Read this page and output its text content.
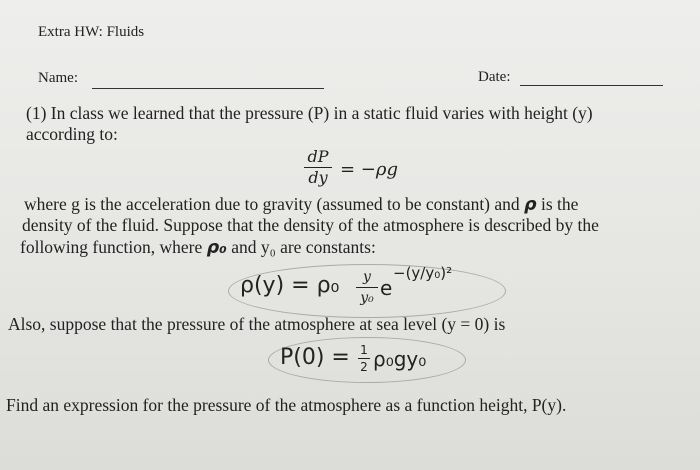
Extra HW: Fluids
Name:	Date:
(1) In class we learned that the pressure (P) in a static fluid varies with height (y)
according to:
dP
dy = −ρg
where g is the acceleration due to gravity (assumed to be constant) and ρ is the
density of the fluid. Suppose that the density of the atmosphere is described by the
following function, where ρ₀ and y₀ are constants:
ρ(y) = ρ₀	y
y₀ e
−(y/y₀)²
Also, suppose that the pressure of the atmosphere at sea level (y = 0) is
P(0) = 1
2 ρ₀gy₀
Find an expression for the pressure of the atmosphere as a function height, P(y).
